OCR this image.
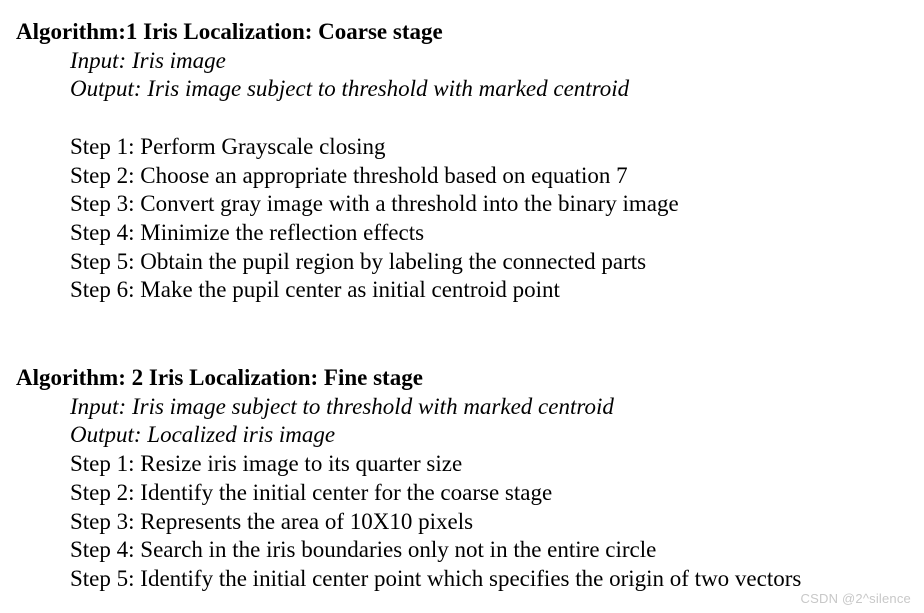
Algorithm:1 Iris Localization: Coarse stage
Input: Iris image
Output: Iris image subject to threshold with marked centroid
Step 1: Perform Grayscale closing
Step 2: Choose an appropriate threshold based on equation 7
Step 3: Convert gray image with a threshold into the binary image
Step 4: Minimize the reflection effects
Step 5: Obtain the pupil region by labeling the connected parts
Step 6: Make the pupil center as initial centroid point
Algorithm: 2 Iris Localization: Fine stage
Input: Iris image subject to threshold with marked centroid
Output: Localized iris image
Step 1: Resize iris image to its quarter size
Step 2: Identify the initial center for the coarse stage
Step 3: Represents the area of 10X10 pixels
Step 4: Search in the iris boundaries only not in the entire circle
Step 5: Identify the initial center point which specifies the origin of two vectors
CSDN @2^silence
